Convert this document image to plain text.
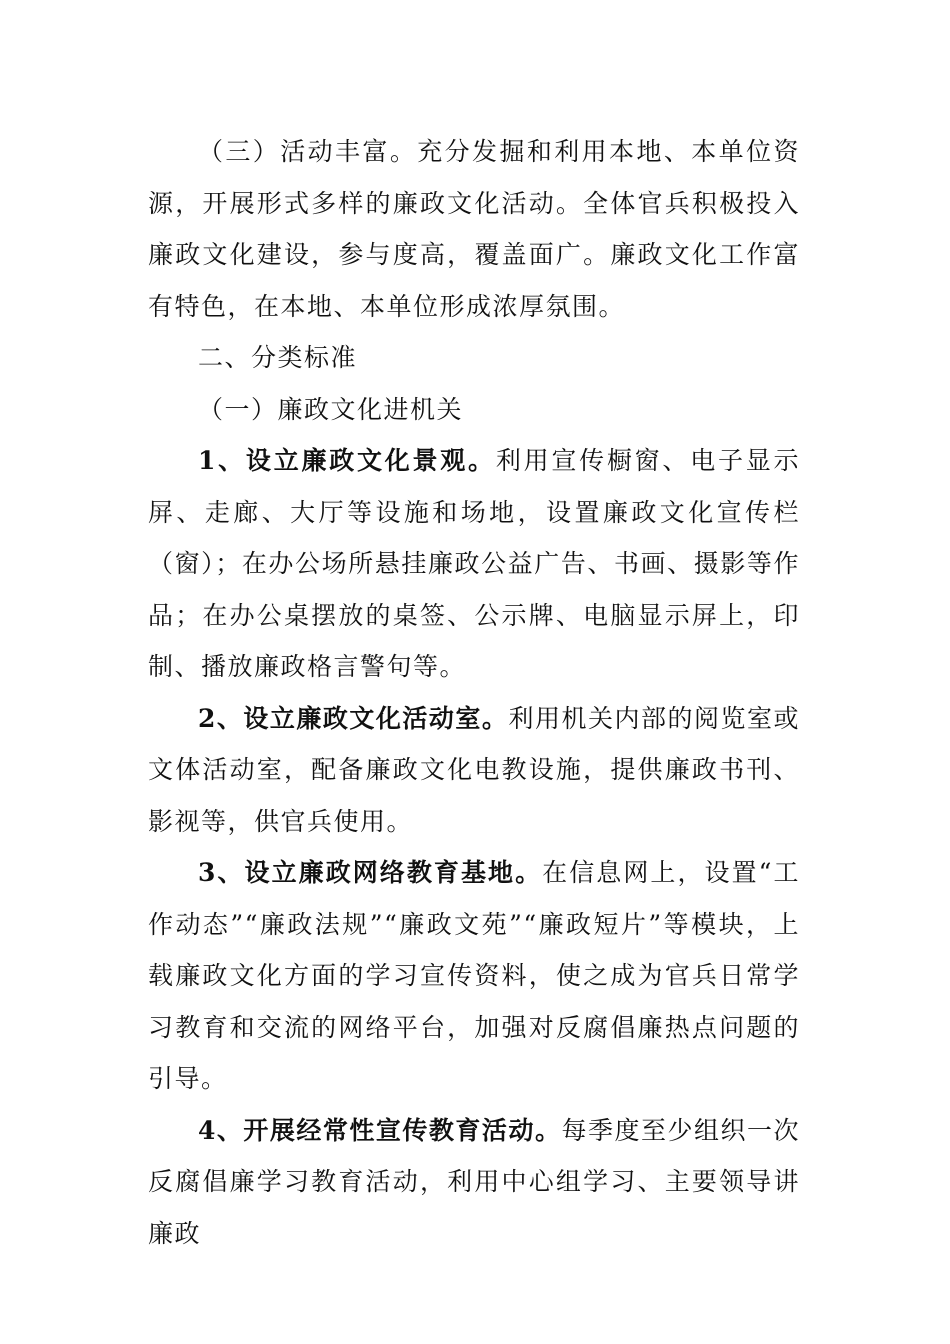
（三）活动丰富。充分发掘和利用本地、本单位资源，开展形式多样的廉政文化活动。全体官兵积极投入廉政文化建设，参与度高，覆盖面广。廉政文化工作富有特色，在本地、本单位形成浓厚氛围。

二、分类标准

（一）廉政文化进机关

1、设立廉政文化景观。利用宣传橱窗、电子显示屏、走廊、大厅等设施和场地，设置廉政文化宣传栏（窗）；在办公场所悬挂廉政公益广告、书画、摄影等作品；在办公桌摆放的桌签、公示牌、电脑显示屏上，印制、播放廉政格言警句等。

2、设立廉政文化活动室。利用机关内部的阅览室或文体活动室，配备廉政文化电教设施，提供廉政书刊、影视等，供官兵使用。

3、设立廉政网络教育基地。在信息网上，设置“工作动态”“廉政法规”“廉政文苑”“廉政短片”等模块，上载廉政文化方面的学习宣传资料，使之成为官兵日常学习教育和交流的网络平台，加强对反腐倡廉热点问题的引导。

4、开展经常性宣传教育活动。每季度至少组织一次反腐倡廉学习教育活动，利用中心组学习、主要领导讲廉政
